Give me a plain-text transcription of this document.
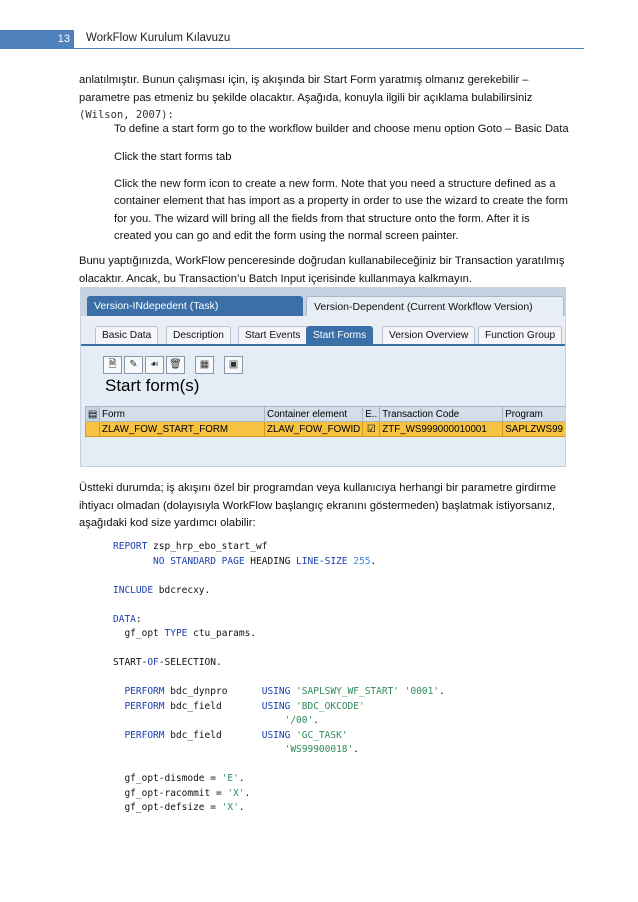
13	WorkFlow Kurulum Kılavuzu
anlatılmıştır. Bunun çalışması için, iş akışında bir Start Form yaratmış olmanız gerekebilir – parametre pas etmeniz bu şekilde olacaktır. Aşağıda, konuyla ilgili bir açıklama bulabilirsiniz (Wilson, 2007):
To define a start form go to the workflow builder and choose menu option Goto – Basic Data
Click the start forms tab
Click the new form icon to create a new form. Note that you need a structure defined as a container element that has import as a property in order to use the wizard to create the form for you. The wizard will bring all the fields from that structure onto the form. After it is created you can go and edit the form using the normal screen painter.
Bunu yaptığınızda, WorkFlow penceresinde doğrudan kullanabileceğiniz bir Transaction yaratılmış olacaktır. Ancak, bu Transaction’u Batch Input içerisinde kullanmaya kalkmayın.
Version-INdepedent (Task)	Version-Dependent (Current Workflow Version)
Basic Data	Description	Start Events	Start Forms	Version Overview	Function Group
🗎	✎	☙	🗑	▦	▣
Start form(s)
▤	Form	Container element	E..	Transaction Code	Program
	ZLAW_FOW_START_FORM	ZLAW_FOW_FOWID	☑	ZTF_WS999000010001	SAPLZWS99
Üstteki durumda; iş akışını özel bir programdan veya kullanıcıya herhangi bir parametre girdirme ihtiyacı olmadan (dolayısıyla WorkFlow başlangıç ekranını göstermeden) başlatmak istiyorsanız, aşağıdaki kod size yardımcı olabilir:
REPORT zsp_hrp_ebo_start_wf
NO STANDARD PAGE HEADING LINE-SIZE 255.

INCLUDE bdcrecxy.

DATA:
gf_opt TYPE ctu_params.

START-OF-SELECTION.

PERFORM bdc_dynpro      USING 'SAPLSWY_WF_START' '0001'.
PERFORM bdc_field       USING 'BDC_OKCODE'
'/00'.
PERFORM bdc_field       USING 'GC_TASK'
'WS99900018'.

gf_opt-dismode = 'E'.
gf_opt-racommit = 'X'.
gf_opt-defsize = 'X'.
